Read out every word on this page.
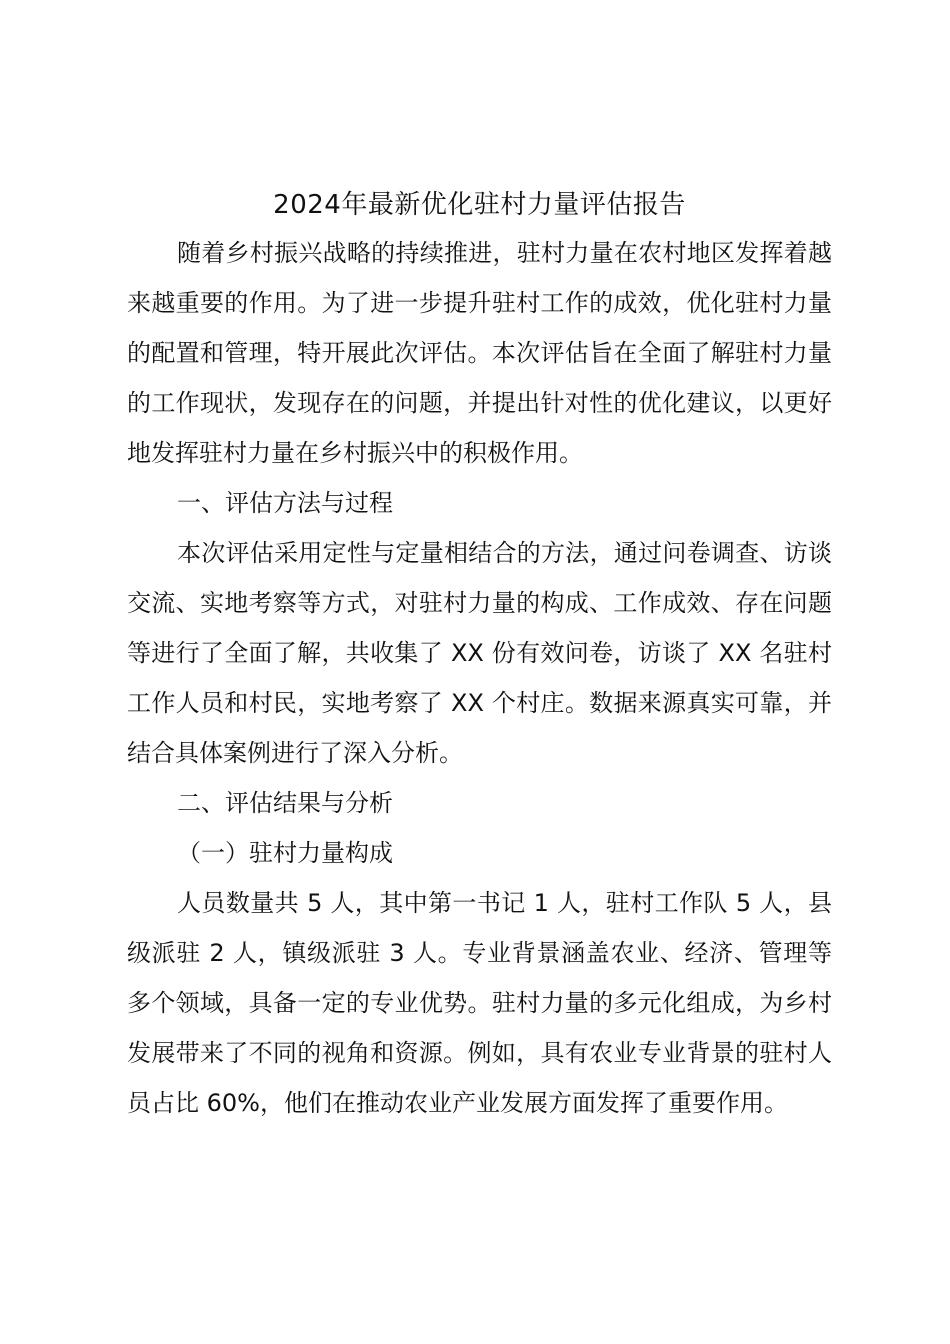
2024年最新优化驻村力量评估报告

随着乡村振兴战略的持续推进，驻村力量在农村地区发挥着越来越重要的作用。为了进一步提升驻村工作的成效，优化驻村力量的配置和管理，特开展此次评估。本次评估旨在全面了解驻村力量的工作现状，发现存在的问题，并提出针对性的优化建议，以更好地发挥驻村力量在乡村振兴中的积极作用。

一、评估方法与过程

本次评估采用定性与定量相结合的方法，通过问卷调查、访谈交流、实地考察等方式，对驻村力量的构成、工作成效、存在问题等进行了全面了解，共收集了 XX 份有效问卷，访谈了 XX 名驻村工作人员和村民，实地考察了 XX 个村庄。数据来源真实可靠，并结合具体案例进行了深入分析。

二、评估结果与分析

（一）驻村力量构成

人员数量共 5 人，其中第一书记 1 人，驻村工作队 5 人，县级派驻 2 人，镇级派驻 3 人。专业背景涵盖农业、经济、管理等多个领域，具备一定的专业优势。驻村力量的多元化组成，为乡村发展带来了不同的视角和资源。例如，具有农业专业背景的驻村人员占比 60%，他们在推动农业产业发展方面发挥了重要作用。
